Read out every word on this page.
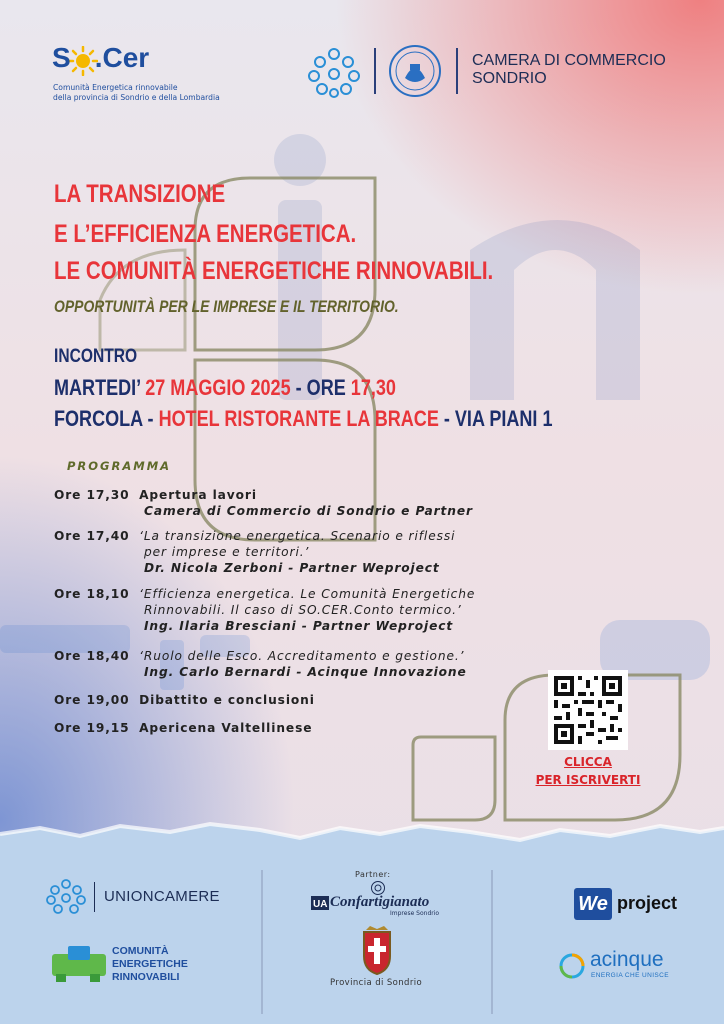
S .Cer
Comunità Energetica rinnovabile
della provincia di Sondrio e della Lombardia
CAMERA DI COMMERCIO
SONDRIO
LA TRANSIZIONE
E L’EFFICIENZA ENERGETICA.
LE COMUNITÀ ENERGETICHE RINNOVABILI.
OPPORTUNITÀ PER LE IMPRESE E IL TERRITORIO.
INCONTRO
MARTEDI’ 27 MAGGIO 2025 - ORE 17,30
FORCOLA - HOTEL RISTORANTE LA BRACE - VIA PIANI 1
PROGRAMMA
Ore 17,30 Apertura lavori
Camera di Commercio di Sondrio e Partner
Ore 17,40 ‘La transizione energetica. Scenario e riflessi
per imprese e territori.’
Dr. Nicola Zerboni - Partner Weproject
Ore 18,10 ‘Efficienza energetica. Le Comunità Energetiche
Rinnovabili. Il caso di SO.CER.Conto termico.’
Ing. Ilaria Bresciani - Partner Weproject
Ore 18,40 ‘Ruolo delle Esco. Accreditamento e gestione.’
Ing. Carlo Bernardi - Acinque Innovazione
Ore 19,00 Dibattito e conclusioni
Ore 19,15 Apericena Valtellinese
CLICCA
PER ISCRIVERTI
Partner:
UNIONCAMERE
COMUNITÀ
ENERGETICHE
RINNOVABILI
UA Confartigianato
Imprese Sondrio
Provincia di Sondrio
We project
acinque
ENERGIA CHE UNISCE
